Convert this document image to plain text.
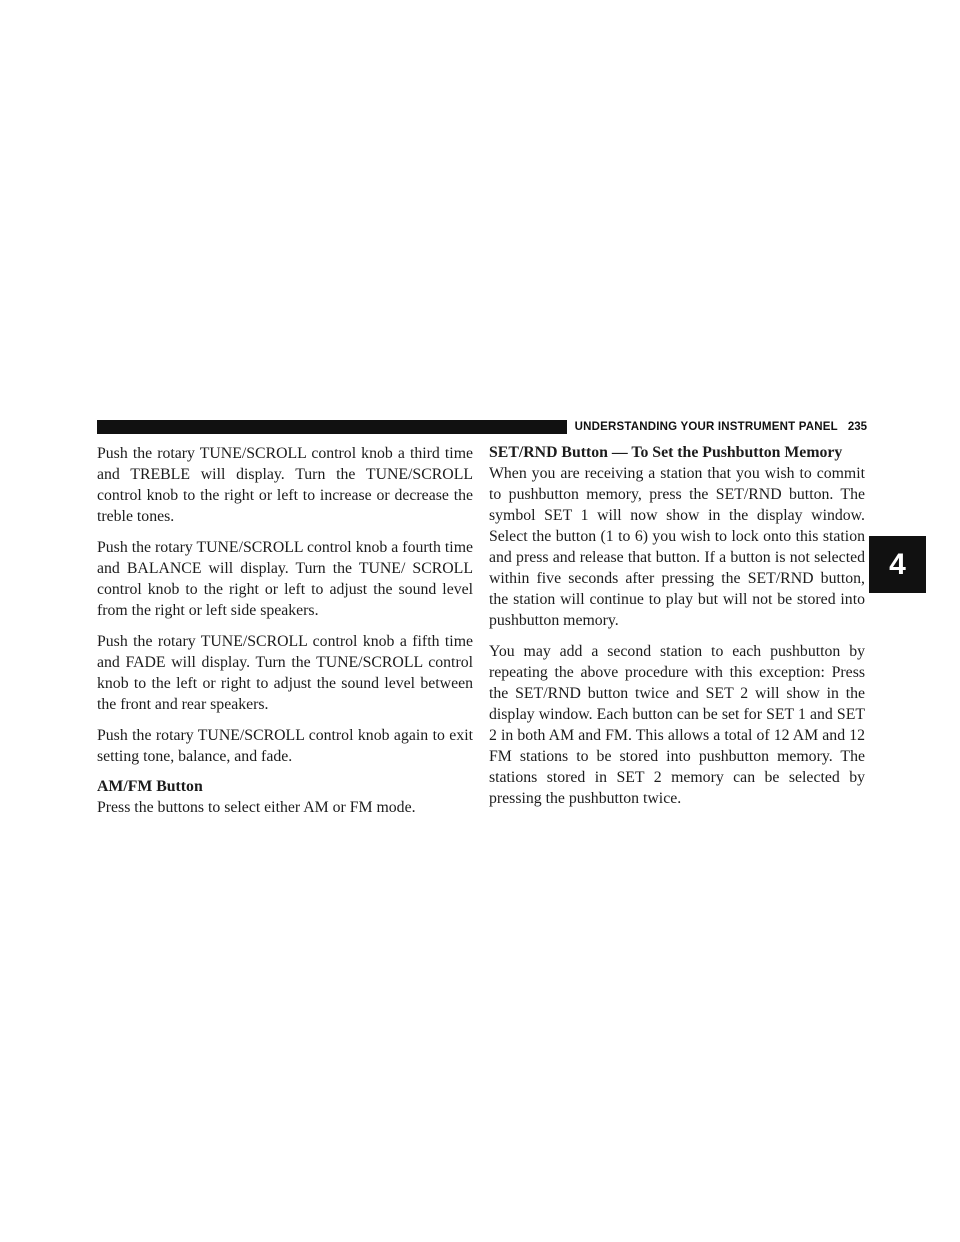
UNDERSTANDING YOUR INSTRUMENT PANEL 235

Push the rotary TUNE/SCROLL control knob a third time and TREBLE will display. Turn the TUNE/SCROLL control knob to the right or left to increase or decrease the treble tones.

Push the rotary TUNE/SCROLL control knob a fourth time and BALANCE will display. Turn the TUNE/ SCROLL control knob to the right or left to adjust the sound level from the right or left side speakers.

Push the rotary TUNE/SCROLL control knob a fifth time and FADE will display. Turn the TUNE/SCROLL control knob to the left or right to adjust the sound level between the front and rear speakers.

Push the rotary TUNE/SCROLL control knob again to exit setting tone, balance, and fade.

AM/FM Button

Press the buttons to select either AM or FM mode.

SET/RND Button — To Set the Pushbutton Memory

When you are receiving a station that you wish to commit to pushbutton memory, press the SET/RND button. The symbol SET 1 will now show in the display window. Select the button (1 to 6) you wish to lock onto this station and press and release that button. If a button is not selected within five seconds after pressing the SET/RND button, the station will continue to play but will not be stored into pushbutton memory.

You may add a second station to each pushbutton by repeating the above procedure with this exception: Press the SET/RND button twice and SET 2 will show in the display window. Each button can be set for SET 1 and SET 2 in both AM and FM. This allows a total of 12 AM and 12 FM stations to be stored into pushbutton memory. The stations stored in SET 2 memory can be selected by pressing the pushbutton twice.

4
